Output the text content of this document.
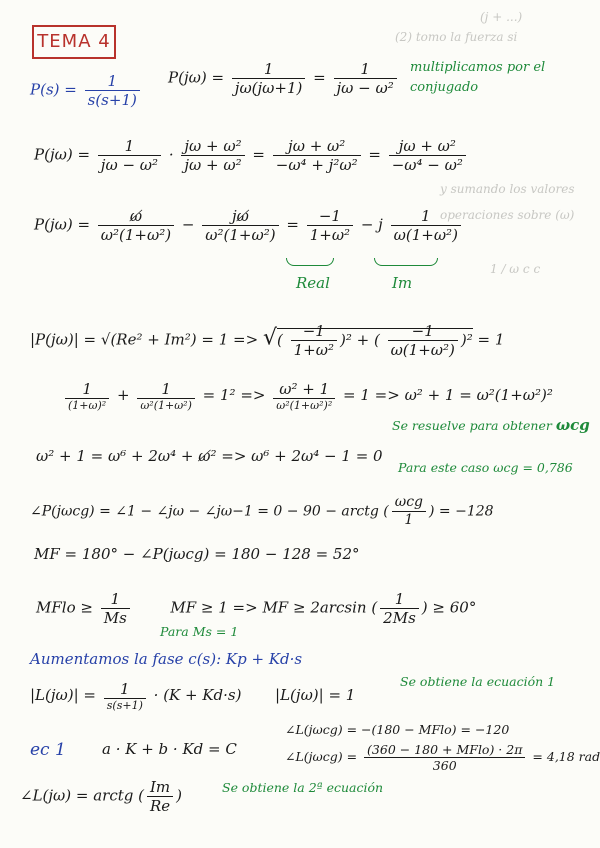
(2) tomo la fuerza si
(j + ...)
y sumando los valores
operaciones sobre (ω)
1 / ω c c
TEMA 4
$P(s) = \frac{1}{s(s+1)} P(j\omega) = \frac{1}{j\omega(j\omega+1)} = \frac{1}{\text{jω − ω²}}$ multiplicamos por el conjugado
$P(j\omega) = \frac{1}{\text{jω − ω²}} \cdot \frac{\text{jω + ω²}}{\text{jω + ω²}} = \frac{\text{jω + ω²}}{\text{−ω⁴ + j²ω²}} = \frac{\text{jω + ω²}}{\text{−ω⁴ − ω²}}$
$P(j\omega) = \frac{\omega̸}{\text{ω²(1+ω²)}} - \frac{j\omega̸}{\text{ω²(1+ω²)}} = \frac{-1}{\text{1+ω²}} - j \frac{1}{\text{ω(1+ω²)}}$
Real	Im
|P(jω)| = √(Re² + Im²) = 1 => √( $\frac{-1}{\text{1+ω²}} )^2$ + ( $\frac{-1}{\text{ω(1+ω²)}} )^2 = 1$
$\frac{1}{\text{(1+ω)²}} + \frac{1}{\text{ω²(1+ω²)}} = 1^2 => \frac{\text{ω² + 1}}{\text{ω²(1+ω²)²}} = 1 => \omega^2 + 1 = \omega^2(1+\omega^2)^2$
Se resuelve para obtener ωcg
ω² + 1 = ω⁶ + 2ω⁴ + ω̸² => ω⁶ + 2ω⁴ − 1 = 0
Para este caso ωcg = 0,786
∠P(jωcg) = ∠1 − ∠jω − ∠jω−1 = 0 − 90 − arctg ( $\frac{\text{ωcg}}{1}$ ) = −128
MF = 180° − ∠P(jωcg) = 180 − 128 = 52°
MFlo ≥ $\frac{1}{Ms}$	MF ≥ 1 => MF ≥ 2arcsin ( $\frac{1}{2Ms}$ ) ≥ 60°
Para Ms = 1
Aumentamos la fase c(s): Kp + Kd·s
$|L(j\omega)| = \frac{1}{s(s+1)} \cdot (K + Kd\cdot s) |L(j\omega)| = 1$
Se obtiene la ecuación 1
ec 1 a · K + b · Kd = C
∠L(jωcg) = −(180 − MFlo) = −120
∠L(jωcg) = $\frac{\text{(360 − 180 + MFlo) · 2π}}{360} = 4,18$ rad
∠L(jω) = arctg ( $\frac{Im}{Re}$ )	Se obtiene la 2ª ecuación
